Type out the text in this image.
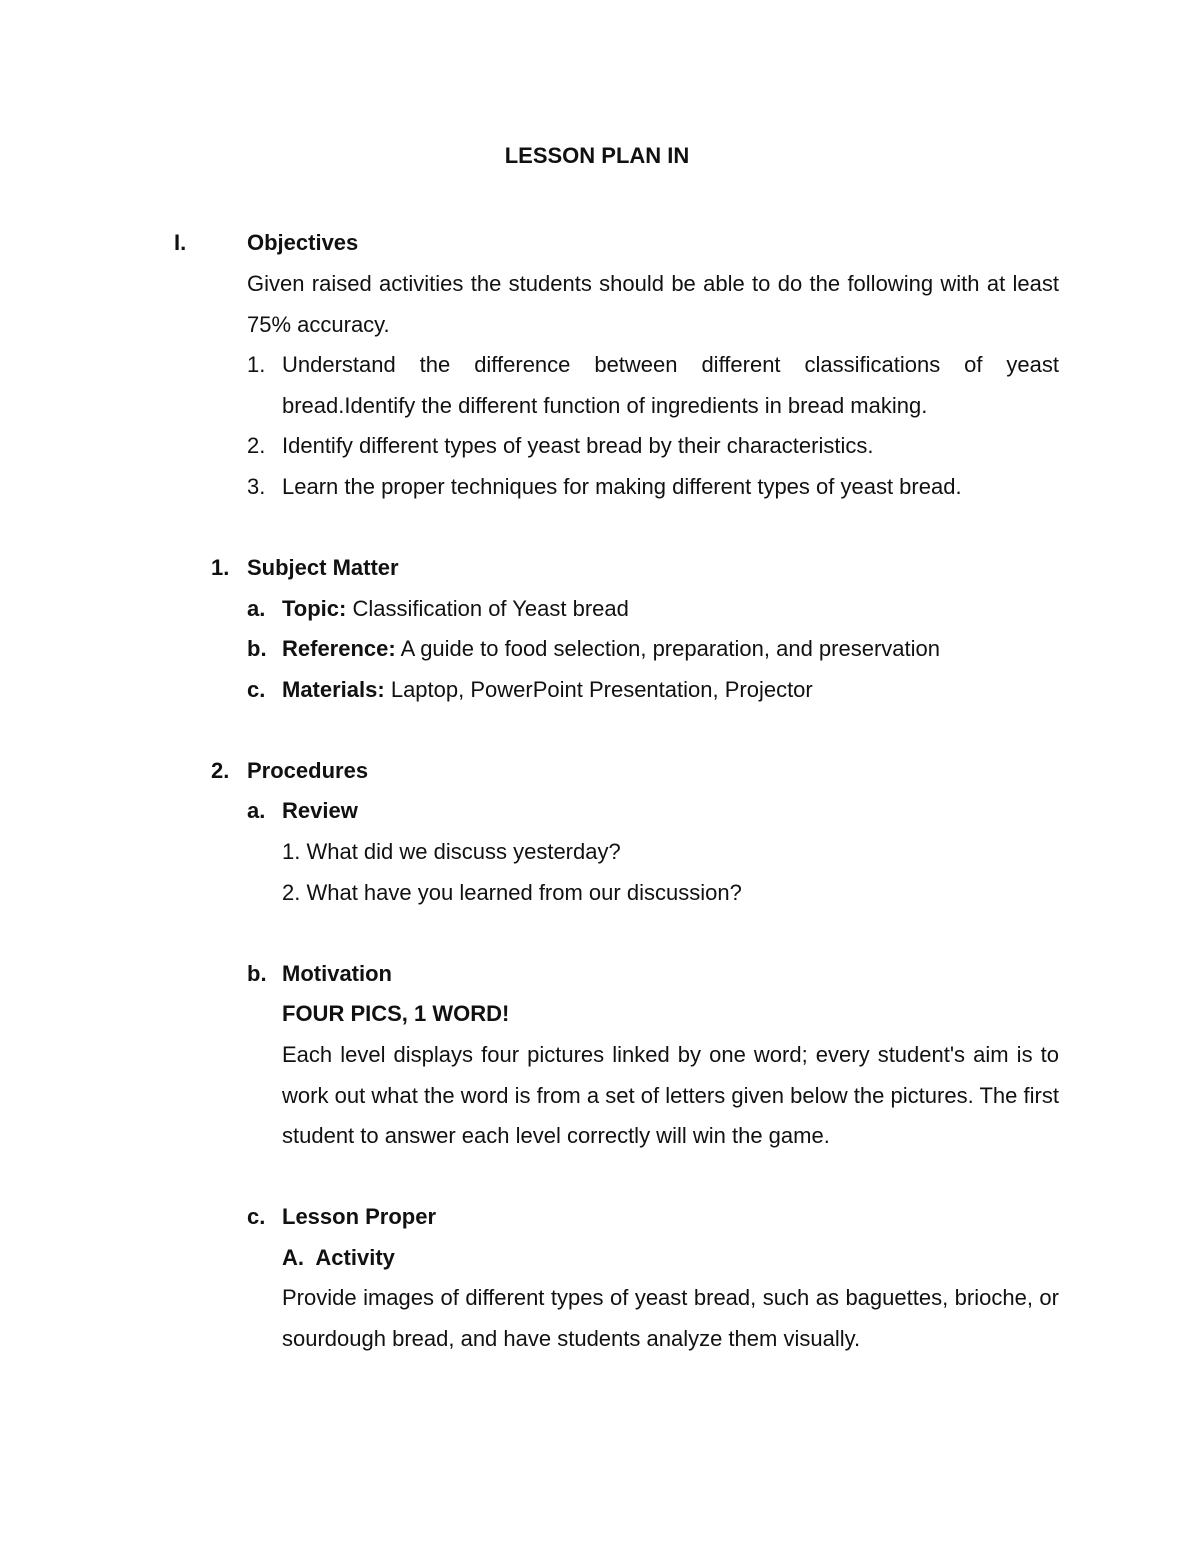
LESSON PLAN IN
I.	Objectives
Given raised activities the students should be able to do the following with at least 75% accuracy.
1. Understand the difference between different classifications of yeast bread.Identify the different function of ingredients in bread making.
2. Identify different types of yeast bread by their characteristics.
3. Learn the proper techniques for making different types of yeast bread.
1. Subject Matter
a. Topic: Classification of Yeast bread
b. Reference: A guide to food selection, preparation, and preservation
c. Materials: Laptop, PowerPoint Presentation, Projector
2. Procedures
a. Review
1. What did we discuss yesterday?
2. What have you learned from our discussion?
b. Motivation
FOUR PICS, 1 WORD!
Each level displays four pictures linked by one word; every student's aim is to work out what the word is from a set of letters given below the pictures. The first student to answer each level correctly will win the game.
c. Lesson Proper
A.  Activity
Provide images of different types of yeast bread, such as baguettes, brioche, or sourdough bread, and have students analyze them visually.
